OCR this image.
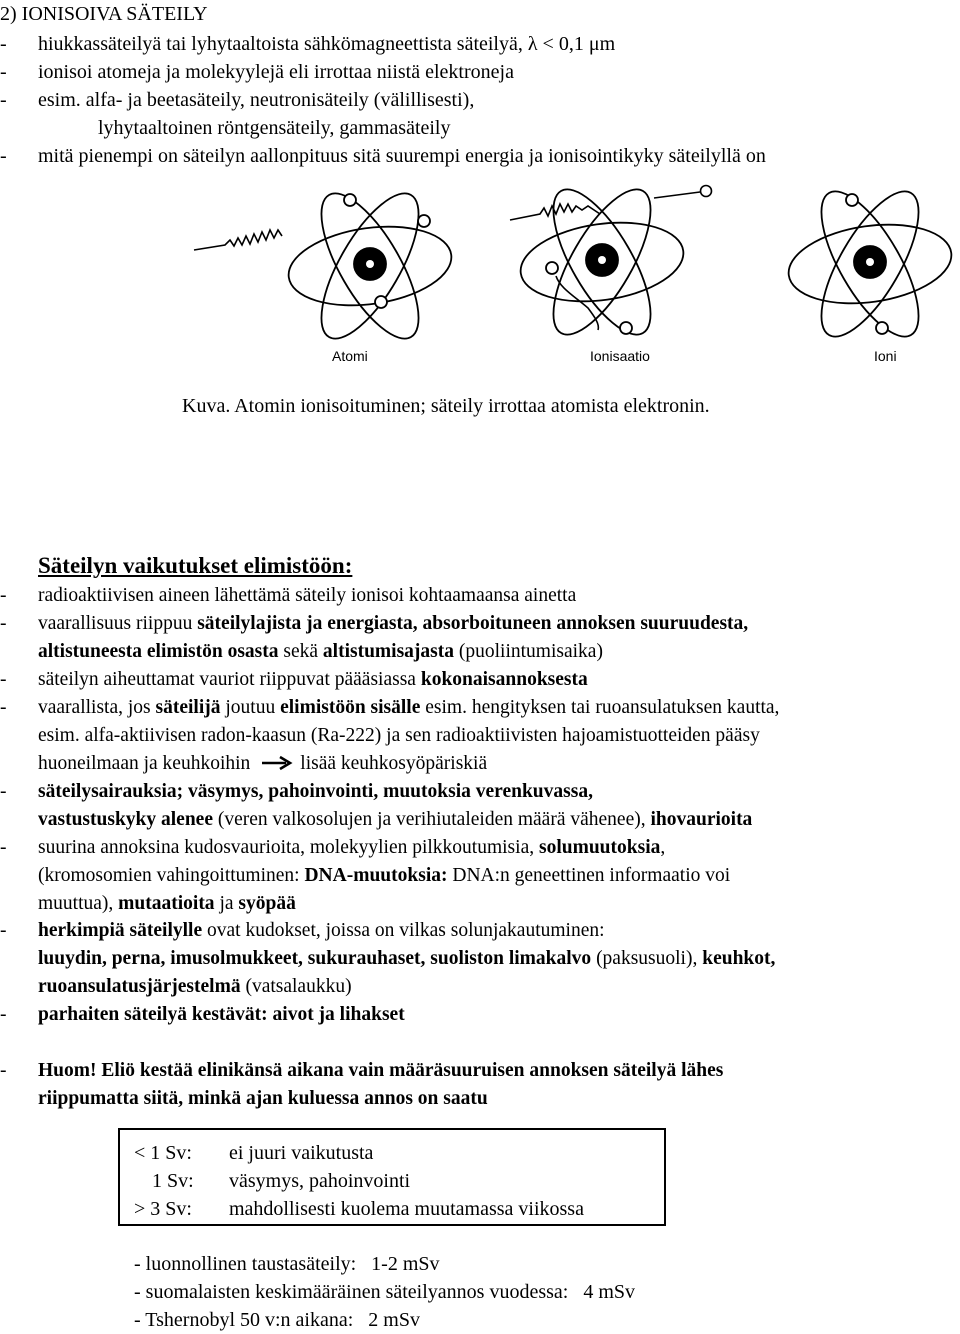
2) IONISOIVA SÄTEILY
- hiukkassäteilyä tai lyhytaaltoista sähkömagneettista säteilyä, λ < 0,1 μm
- ionisoi atomeja ja molekyylejä eli irrottaa niistä elektroneja
- esim. alfa- ja beetasäteily, neutronisäteily (välillisesti),
lyhytaaltoinen röntgensäteily, gammasäteily
- mitä pienempi on säteilyn aallonpituus sitä suurempi energia ja ionisointikyky säteilyllä on
Atomi	Ionisaatio	Ioni
Kuva. Atomin ionisoituminen; säteily irrottaa atomista elektronin.
Säteilyn vaikutukset elimistöön:
- radioaktiivisen aineen lähettämä säteily ionisoi kohtaamaansa ainetta
- vaarallisuus riippuu säteilylajista ja energiasta, absorboituneen annoksen suuruudesta,
altistuneesta elimistön osasta sekä altistumisajasta (puoliintumisaika)
- säteilyn aiheuttamat vauriot riippuvat päääsiassa kokonaisannoksesta
- vaarallista, jos säteilijä joutuu elimistöön sisälle esim. hengityksen tai ruoansulatuksen kautta,
esim. alfa-aktiivisen radon-kaasun (Ra-222) ja sen radioaktiivisten hajoamistuotteiden pääsy
huoneilmaan ja keuhkoihin	lisää keuhkosyöpäriskiä
- säteilysairauksia; väsymys, pahoinvointi, muutoksia verenkuvassa,
vastustuskyky alenee (veren valkosolujen ja verihiutaleiden määrä vähenee), ihovaurioita
- suurina annoksina kudosvaurioita, molekyylien pilkkoutumisia, solumuutoksia,
(kromosomien vahingoittuminen: DNA-muutoksia: DNA:n geneettinen informaatio voi
muuttua), mutaatioita ja syöpää
- herkimpiä säteilylle ovat kudokset, joissa on vilkas solunjakautuminen:
luuydin, perna, imusolmukkeet, sukurauhaset, suoliston limakalvo (paksusuoli), keuhkot,
ruoansulatusjärjestelmä (vatsalaukku)
- parhaiten säteilyä kestävät: aivot ja lihakset
- Huom! Eliö kestää elinikänsä aikana vain määräsuuruisen annoksen säteilyä lähes
riippumatta siitä, minkä ajan kuluessa annos on saatu
< 1 Sv: ei juuri vaikutusta
1 Sv: väsymys, pahoinvointi
> 3 Sv: mahdollisesti kuolema muutamassa viikossa
- luonnollinen taustasäteily:   1-2 mSv
- suomalaisten keskimääräinen säteilyannos vuodessa:   4 mSv
- Tshernobyl 50 v:n aikana:   2 mSv
